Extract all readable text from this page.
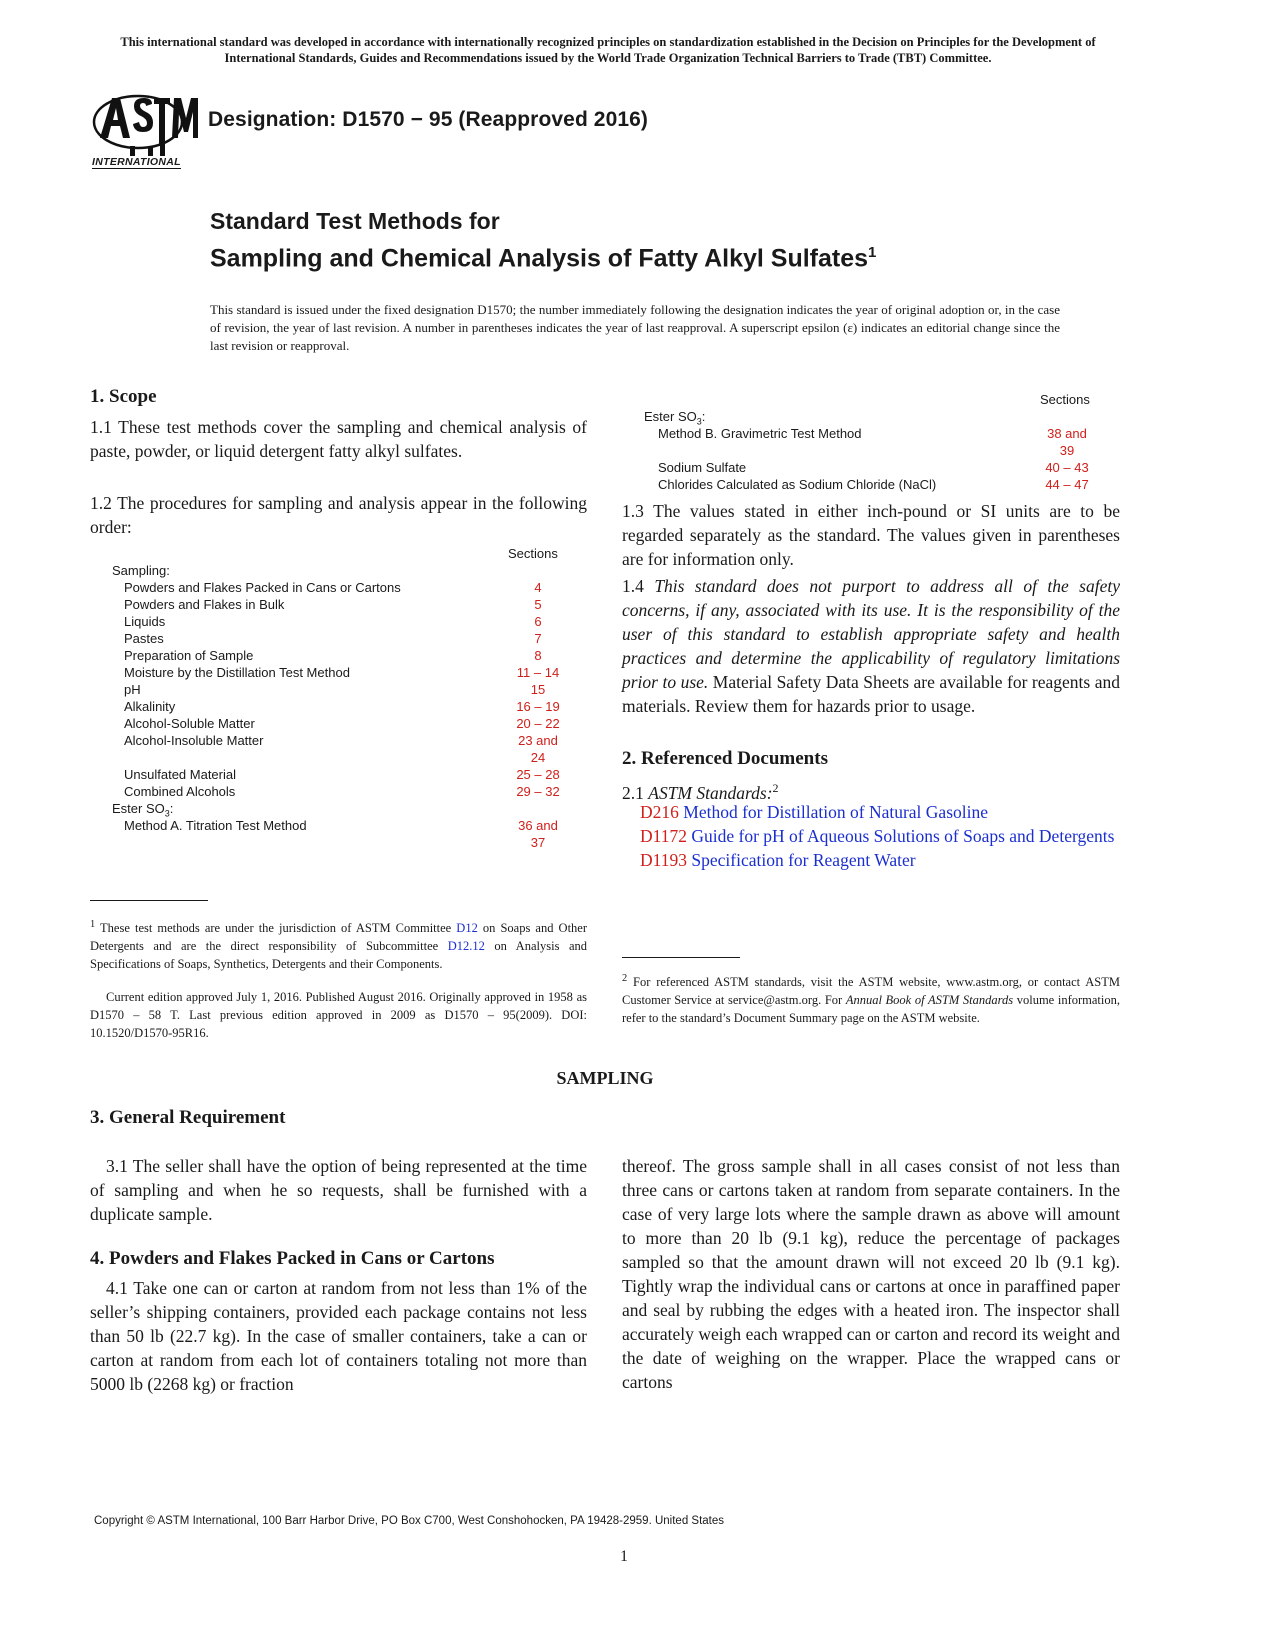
This international standard was developed in accordance with internationally recognized principles on standardization established in the Decision on Principles for the Development of International Standards, Guides and Recommendations issued by the World Trade Organization Technical Barriers to Trade (TBT) Committee.
INTERNATIONAL
Designation: D1570 − 95 (Reapproved 2016)
Standard Test Methods for
Sampling and Chemical Analysis of Fatty Alkyl Sulfates$^1$
This standard is issued under the fixed designation D1570; the number immediately following the designation indicates the year of original adoption or, in the case of revision, the year of last revision. A number in parentheses indicates the year of last reapproval. A superscript epsilon (ε) indicates an editorial change since the last revision or reapproval.
1. Scope
1.1 These test methods cover the sampling and chemical analysis of paste, powder, or liquid detergent fatty alkyl sulfates.
1.2 The procedures for sampling and analysis appear in the following order:
Sections
Sampling:
Powders and Flakes Packed in Cans or Cartons	4
Powders and Flakes in Bulk	5
Liquids	6
Pastes	7
Preparation of Sample	8
Moisture by the Distillation Test Method	11 – 14
pH	15
Alkalinity	16 – 19
Alcohol-Soluble Matter	20 – 22
Alcohol-Insoluble Matter	23 and
24
Unsulfated Material	25 – 28
Combined Alcohols	29 – 32
Ester $SO_3$:
Method A. Titration Test Method	36 and
37
$^1$ These test methods are under the jurisdiction of ASTM Committee D12 on Soaps and Other Detergents and are the direct responsibility of Subcommittee D12.12 on Analysis and Specifications of Soaps, Synthetics, Detergents and their Components.
Current edition approved July 1, 2016. Published August 2016. Originally approved in 1958 as D1570 – 58 T. Last previous edition approved in 2009 as D1570 – 95(2009). DOI: 10.1520/D1570-95R16.
Sections
Ester $SO_3$:
Method B. Gravimetric Test Method	38 and
39
Sodium Sulfate	40 – 43
Chlorides Calculated as Sodium Chloride (NaCl)	44 – 47
1.3 The values stated in either inch-pound or SI units are to be regarded separately as the standard. The values given in parentheses are for information only.
1.4 This standard does not purport to address all of the safety concerns, if any, associated with its use. It is the responsibility of the user of this standard to establish appropriate safety and health practices and determine the applicability of regulatory limitations prior to use. Material Safety Data Sheets are available for reagents and materials. Review them for hazards prior to usage.
2. Referenced Documents
2.1 ASTM Standards:$^2$
D216 Method for Distillation of Natural Gasoline
D1172 Guide for pH of Aqueous Solutions of Soaps and Detergents
D1193 Specification for Reagent Water
$^2$ For referenced ASTM standards, visit the ASTM website, www.astm.org, or contact ASTM Customer Service at service@astm.org. For Annual Book of ASTM Standards volume information, refer to the standard’s Document Summary page on the ASTM website.
SAMPLING
3. General Requirement
3.1 The seller shall have the option of being represented at the time of sampling and when he so requests, shall be furnished with a duplicate sample.
4. Powders and Flakes Packed in Cans or Cartons
4.1 Take one can or carton at random from not less than 1% of the seller’s shipping containers, provided each package contains not less than 50 lb (22.7 kg). In the case of smaller containers, take a can or carton at random from each lot of containers totaling not more than 5000 lb (2268 kg) or fraction
thereof. The gross sample shall in all cases consist of not less than three cans or cartons taken at random from separate containers. In the case of very large lots where the sample drawn as above will amount to more than 20 lb (9.1 kg), reduce the percentage of packages sampled so that the amount drawn will not exceed 20 lb (9.1 kg). Tightly wrap the individual cans or cartons at once in paraffined paper and seal by rubbing the edges with a heated iron. The inspector shall accurately weigh each wrapped can or carton and record its weight and the date of weighing on the wrapper. Place the wrapped cans or cartons
Copyright © ASTM International, 100 Barr Harbor Drive, PO Box C700, West Conshohocken, PA 19428-2959. United States
1
